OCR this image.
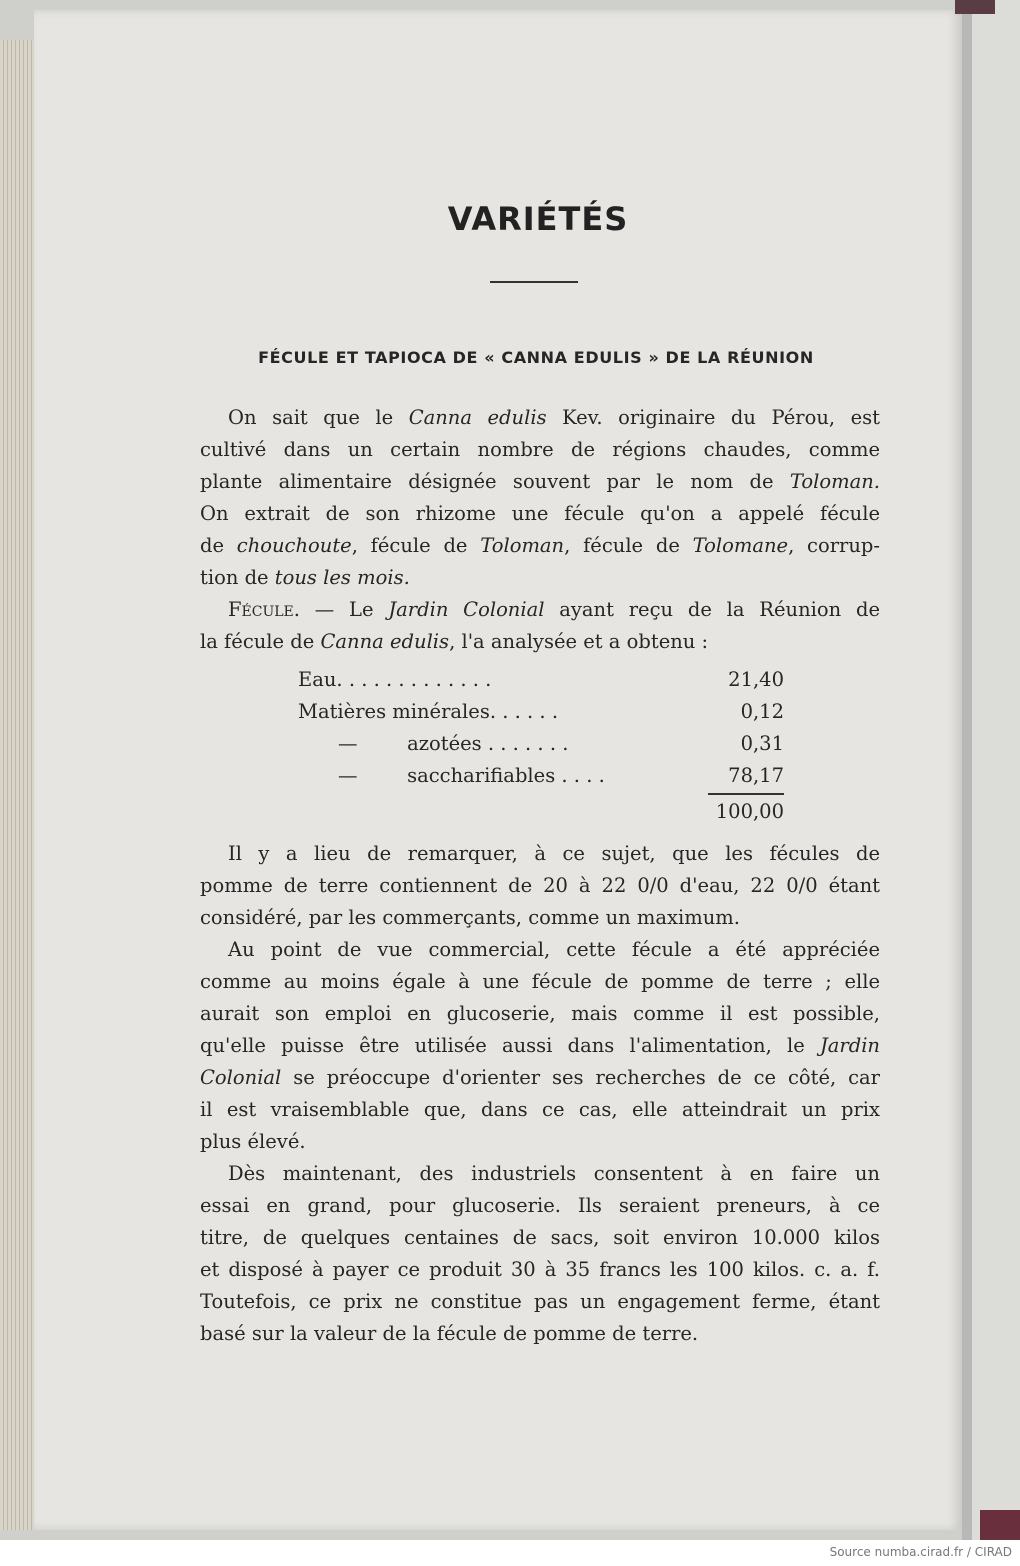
VARIÉTÉS
FÉCULE ET TAPIOCA DE « CANNA EDULIS » DE LA RÉUNION
On sait que le Canna edulis Kev. originaire du Pérou, est
cultivé dans un certain nombre de régions chaudes, comme
plante alimentaire désignée souvent par le nom de Toloman.
On extrait de son rhizome une fécule qu'on a appelé fécule
de chouchoute, fécule de Toloman, fécule de Tolomane, corrup-
tion de tous les mois.
Fécule. — Le Jardin Colonial ayant reçu de la Réunion de
la fécule de Canna edulis, l'a analysée et a obtenu :
Eau. . . . . . . . . . . . .	21,40
Matières minérales. . . . . .	0,12
—        azotées . . . . . . .	0,31
—        saccharifiables . . . .	78,17
100,00
Il y a lieu de remarquer, à ce sujet, que les fécules de
pomme de terre contiennent de 20 à 22 0/0 d'eau, 22 0/0 étant
considéré, par les commerçants, comme un maximum.
Au point de vue commercial, cette fécule a été appréciée
comme au moins égale à une fécule de pomme de terre ; elle
aurait son emploi en glucoserie, mais comme il est possible,
qu'elle puisse être utilisée aussi dans l'alimentation, le Jardin
Colonial se préoccupe d'orienter ses recherches de ce côté, car
il est vraisemblable que, dans ce cas, elle atteindrait un prix
plus élevé.
Dès maintenant, des industriels consentent à en faire un
essai en grand, pour glucoserie. Ils seraient preneurs, à ce
titre, de quelques centaines de sacs, soit environ 10.000 kilos
et disposé à payer ce produit 30 à 35 francs les 100 kilos. c. a. f.
Toutefois, ce prix ne constitue pas un engagement ferme, étant
basé sur la valeur de la fécule de pomme de terre.
Source numba.cirad.fr / CIRAD
